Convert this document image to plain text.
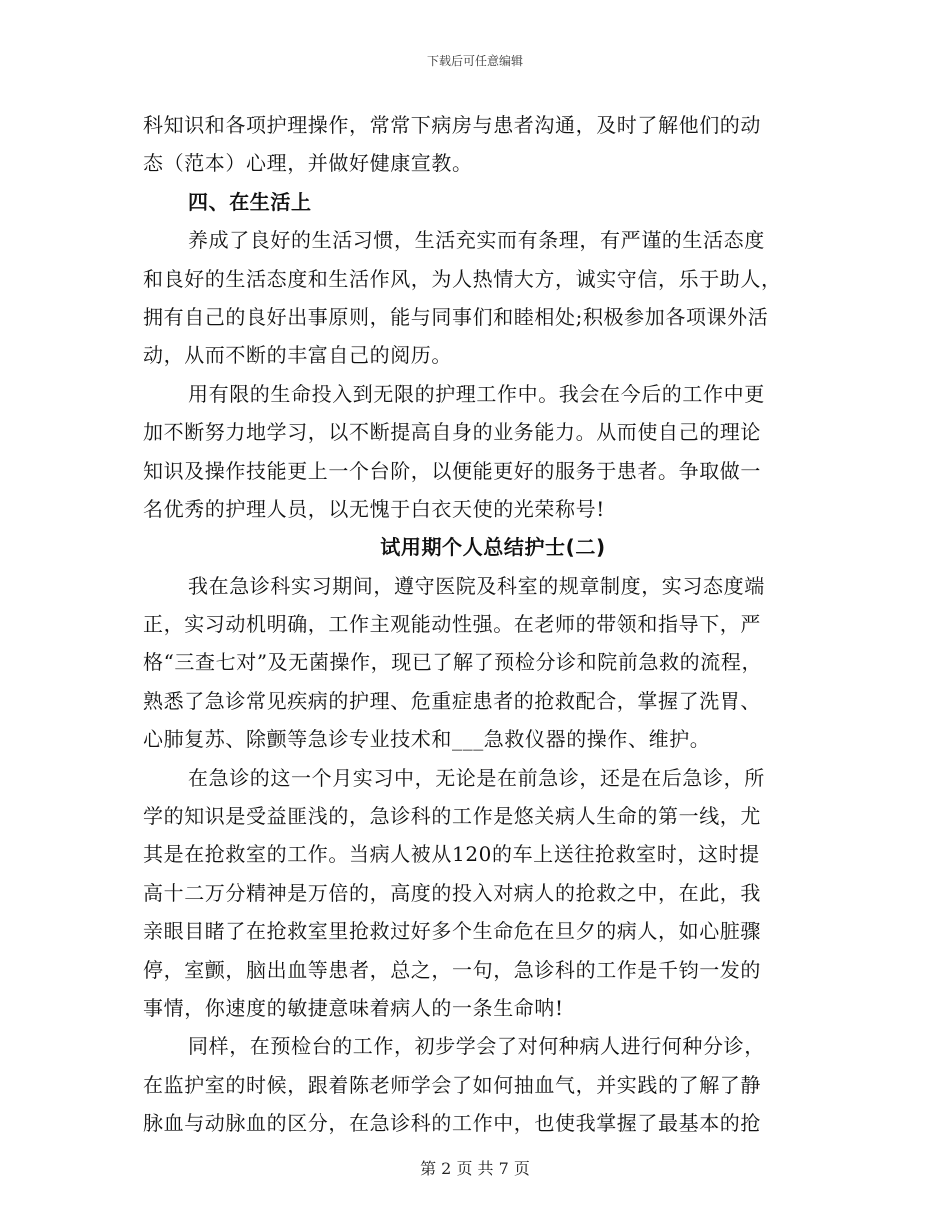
下载后可任意编辑
科知识和各项护理操作，常常下病房与患者沟通，及时了解他们的动
态（范本）心理，并做好健康宣教。
四、在生活上
养成了良好的生活习惯，生活充实而有条理，有严谨的生活态度
和良好的生活态度和生活作风，为人热情大方，诚实守信，乐于助人，
拥有自己的良好出事原则，能与同事们和睦相处;积极参加各项课外活
动，从而不断的丰富自己的阅历。
用有限的生命投入到无限的护理工作中。我会在今后的工作中更
加不断努力地学习，以不断提高自身的业务能力。从而使自己的理论
知识及操作技能更上一个台阶，以便能更好的服务于患者。争取做一
名优秀的护理人员，以无愧于白衣天使的光荣称号!
试用期个人总结护士(二)
我在急诊科实习期间，遵守医院及科室的规章制度，实习态度端
正，实习动机明确，工作主观能动性强。在老师的带领和指导下，严
格“三查七对”及无菌操作，现已了解了预检分诊和院前急救的流程，
熟悉了急诊常见疾病的护理、危重症患者的抢救配合，掌握了洗胃、
心肺复苏、除颤等急诊专业技术和___急救仪器的操作、维护。
在急诊的这一个月实习中，无论是在前急诊，还是在后急诊，所
学的知识是受益匪浅的，急诊科的工作是悠关病人生命的第一线，尤
其是在抢救室的工作。当病人被从120的车上送往抢救室时，这时提
高十二万分精神是万倍的，高度的投入对病人的抢救之中，在此，我
亲眼目睹了在抢救室里抢救过好多个生命危在旦夕的病人，如心脏骤
停，室颤，脑出血等患者，总之，一句，急诊科的工作是千钧一发的
事情，你速度的敏捷意味着病人的一条生命呐!
同样，在预检台的工作，初步学会了对何种病人进行何种分诊，
在监护室的时候，跟着陈老师学会了如何抽血气，并实践的了解了静
脉血与动脉血的区分，在急诊科的工作中，也使我掌握了最基本的抢
第 2 页 共 7 页
